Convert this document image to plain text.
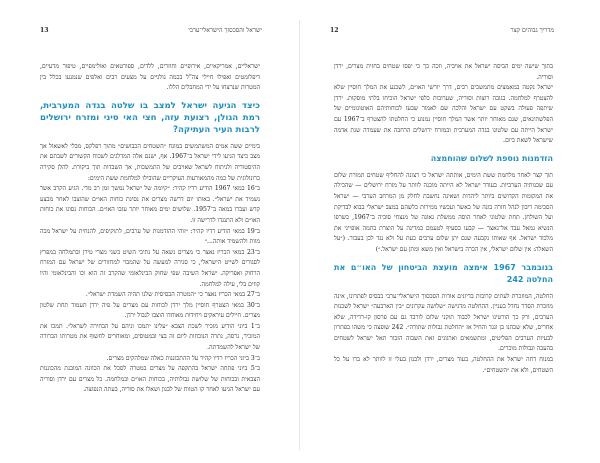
ישראל והסכסוך הישראלי־ערבי
13

ישראליים, אמריקאיים, אירופיים וחוזרים, ללדים, ספורטאים ואולימפיים, טיפור מדעיים, דיפלומטים ואפילו חיילי צה"ל בכמה גולניים על מצעים רבים ואלפים שנמנעו בכלל בין המטרות שנרצחו על ידי המחבלים הללו.

כיצד הגיעה ישראל למצב בו שלטה בגדה המערבית, רמת הגולן, רצועת עזה, חצי האי סיני ומזרח ירושלים לרבות העיר העתיקה?

בימיים ששה אמים המשתמשים במונח ״השטחים הכבושים״ מתוך רפלקס, מבלי לאשאול אך מצב כיצד הגיעו לידי ישראל ב־1967. אף, ישנם אלה המדלגים לשכוח הקשורים לשבתם את ההיסטוריה ולניתוח לשראל שאויבים של התמשכות, אך השבדות תוך ביקורת. להלן סקירה כרונולוגית של כמה מהמאורעות העיקריים שהובילו למלחמת ששת הימים:

ב־16 במאי 1967 הודיע רדיו קהיר: ״קיומה של ישראל נמשך זמן רב מדי. הגיע הקרב אשר נשמיד את ישראל״. באותו יום דרשה מצרים את נסיגת כוחות האו״ם שהוצבו לאחר מבצע קדש ועברו במאה ב־1957. שלושים ימים מאוחר יותר עזבו האו״ם. הכוחות נסוגו את כוחות האו״ם ולא התנגדו לדרישה זו.

ב־19 במאי הודיע רדיו קהיר: ״זוהי ההזדמנות של ערבים, לתוקיפים, להנחית על ישראל מכה מוות ולהשמיד אותה...״

ב־23 במאי הכריז נאצר כי מצרים נשאה על נתיבי השיט בשני מצרי טירן ובתמלחה במפרץ לסגורים לשייט הישראלי, כי סגירה למעשה על שהמבוי למחזורים של ישראל עם המזרח הרחוק ואפריקה. ישראל השיבה שפי שחוק הבינלאומי שהקרב זה הוא וכו והבינלאומי והיו קוזים בלי, עילה למלחמה.

ב־27 במאי הכריז נאצר כי ״המטרה הבסיסית שלנו תהיה השמדת ישראל״.

ב־30 במאי הצטרף חוסיין מלך ירדן לכוחות עם מצרים על פיה ירדן תעמוד תחת שלטון מצרים. חיילים עיראקים ויחידות מאוחדו הוצבו לגבול ירדן.

ב־1 ביוני הודיע מזכיר לשכת הצבא ״עלינו יתמכו וניהם על הבחירה לשראל״. תמכו את המזכיר, נרסה, נתרה הנוכחות ליום זה בצי ובמטוסים, ומאוחרים לחשוף את מטרותו הברורה של ישראל להשמדתה.

ב־3 ביוני הכריז רדיו קהיר על ההתכוננות כאלה שמלהקים מצרים.

ב־5 ביוני פתחה ישראל בהתקפה על מצרים במטרה לסכל את הכוונה המובנת מהכוננות הצבאית ובכוחות של שלושת גבולותיה, בכוחות האו״ם ובמלחמה. כל מצרים עם ירדן וסוריה עם ישראל הגיעו לאחר קו הטווח של לבנון ושאלו את סוריה, בעתה הנפוצה.

מדריך גבוהים קצר
12

בתוך שישה ימים הביסה ישראל את אויביה, וזכה כך כי יפסו שטחים בחזית מצרים, ירדן וסוריה.

ישראל נקטה במאמצים מתמשכים רבים, דרך יורשי האו״ם, לשכנע את המלך חוסיין שלא להצטרף למלחמה. בגובה רוצות וסוריה, שערובות כלפי ישראל הוכיחו בלתי מוסקות. ירדן שיתפה פעולה בשקט עם ישראל והלכה שם לאמור שבעז לכוחותיהם האוטונומיים של הפלשתינאים, שגם מאוחר יותר אשר המלך חוסיין נמנוע כי החלטתו להצטרף ב־1967 עם ישראל הייתה עם שלטונו בגדה המערבית ובמזרח ירושלים הרחבה את שעמדה שנת אדמה שישראל לשאת ביום.

הזדמנות נוספת לשלום שהוחמצה

תוך קצר לאחר מלחמת ששת הימים, אותתה ישראל כי רצונה להחליף שטחים תמורת שלום עם שכנותיה הערביות. בעודד ישראל לא הייתה מוכנה לוותר על מזרח ירושלים — שהכילה את המקומות הקדושים ביותר ליהדות ושאינה נחשבת לחלק מן המרחב הערבי — ישראל הסכימה ריבון לנהל חזרה בונה של כאשר ועכשיו ממירות כלשהם במצב ישראלי בבוא לבדיקת ועל השולחן. תחת שלטוני לאחר הוסה ממשלת גאונה של מנצחי סוביה ב־1967, כשרפו הנשיא גמאל עבד אל־נאצר — קבעו בסעיף לטעמם במדינה על הוצרת בתמה אופייני את מלכוד ישראל. אף שאותו נקבעה שגם יתן שלום ערבים כעת על ולא נגד לכן בעבור. (״על השאלה: אין שלום ישראלי, אין הכרה בישראל ואין משא ומתן עם ישראל.״)

בנובמבר 1967 אימצה מועצת הביטחון של האו״ם את החלטה 242

החלטה, המוזכרת לעתים קרובות בדיונים אודות הסכסוך הישראלי־ערבי כבסיס לפתרונו, אינה מוזכרת הסדר נחדל בעניין. ההחלטה מדגישה ״שלושה עקרונים ״בין הארבעה״ ישראל לשכנות הערבים, ורק כך הורטינו ישראל לכבוד תוקני שלום לורבד גם עם פרסון קו-רדידה, שלא אחרים, שלא שכהנו בן ונגד והחיל אז ״החלטת גבולות שתורה״. 242 שופצה כי משהו בפתרון לבעיות הערבים הפליטים, ומתשמאים וארגונים זאת השבוה הזכור תאל ישראל לשטחים בהעבה וגבולות מוכרים.

במנוח דחה ישראל את ההחלטה, בעוד מצרים, ירדן ולבנון בעלי זו לוותר לא ברו על כל השטחים, ולא את ״השטחים״.
